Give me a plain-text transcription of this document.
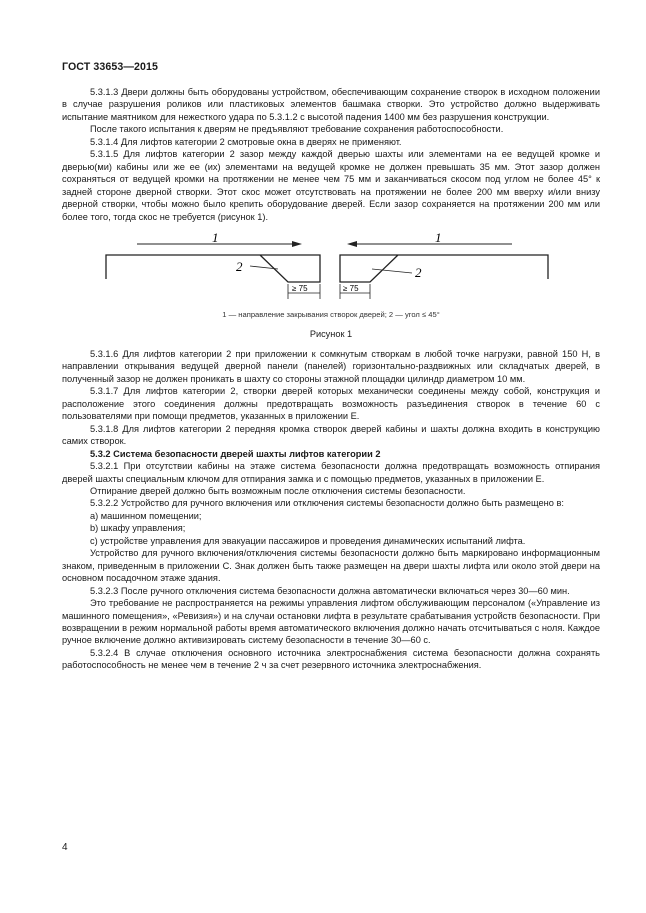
ГОСТ 33653—2015

5.3.1.3 Двери должны быть оборудованы устройством, обеспечивающим сохранение створок в исходном положении в случае разрушения роликов или пластиковых элементов башмака створки. Это устройство должно выдерживать испытание маятником для нежесткого удара по 5.3.1.2 с высотой падения 1400 мм без разрушения конструкции.

После такого испытания к дверям не предъявляют требование сохранения работоспособности.

5.3.1.4 Для лифтов категории 2 смотровые окна в дверях не применяют.

5.3.1.5 Для лифтов категории 2 зазор между каждой дверью шахты или элементами на ее ведущей кромке и дверью(ми) кабины или же ее (их) элементами на ведущей кромке не должен превышать 35 мм. Этот зазор должен сохраняться от ведущей кромки на протяжении не менее чем 75 мм и заканчиваться скосом под углом не более 45° к задней стороне дверной створки. Этот скос может отсутствовать на протяжении не более 200 мм вверху и/или внизу дверной створки, чтобы можно было крепить оборудование дверей. Если зазор сохраняется на протяжении 200 мм или более того, тогда скос не требуется (рисунок 1).

1	1
2	2
≥ 75	≥ 75
1 — направление закрывания створок дверей; 2 — угол ≤ 45°
Рисунок 1

5.3.1.6 Для лифтов категории 2 при приложении к сомкнутым створкам в любой точке нагрузки, равной 150 Н, в направлении открывания ведущей дверной панели (панелей) горизонтально-раздвижных или складчатых дверей, в полученный зазор не должен проникать в шахту со стороны этажной площадки цилиндр диаметром 10 мм.

5.3.1.7 Для лифтов категории 2, створки дверей которых механически соединены между собой, конструкция и расположение этого соединения должны предотвращать возможность разъединения створок в течение 60 с пользователями при помощи предметов, указанных в приложении Е.

5.3.1.8 Для лифтов категории 2 передняя кромка створок дверей кабины и шахты должна входить в конструкцию самих створок.

5.3.2 Система безопасности дверей шахты лифтов категории 2

5.3.2.1 При отсутствии кабины на этаже система безопасности должна предотвращать возможность отпирания дверей шахты специальным ключом для отпирания замка и с помощью предметов, указанных в приложении Е.

Отпирание дверей должно быть возможным после отключения системы безопасности.

5.3.2.2 Устройство для ручного включения или отключения системы безопасности должно быть размещено в:

a) машинном помещении;

b) шкафу управления;

c) устройстве управления для эвакуации пассажиров и проведения динамических испытаний лифта.

Устройство для ручного включения/отключения системы безопасности должно быть маркировано информационным знаком, приведенным в приложении С. Знак должен быть также размещен на двери шахты лифта или около этой двери на основном посадочном этаже здания.

5.3.2.3 После ручного отключения система безопасности должна автоматически включаться через 30—60 мин.

Это требование не распространяется на режимы управления лифтом обслуживающим персоналом («Управление из машинного помещения», «Ревизия») и на случаи остановки лифта в результате срабатывания устройств безопасности. При возвращении в режим нормальной работы время автоматического включения должно начать отсчитываться с ноля. Каждое ручное включение должно активизировать систему безопасности в течение 30—60 с.

5.3.2.4 В случае отключения основного источника электроснабжения система безопасности должна сохранять работоспособность не менее чем в течение 2 ч за счет резервного источника электроснабжения.

4
